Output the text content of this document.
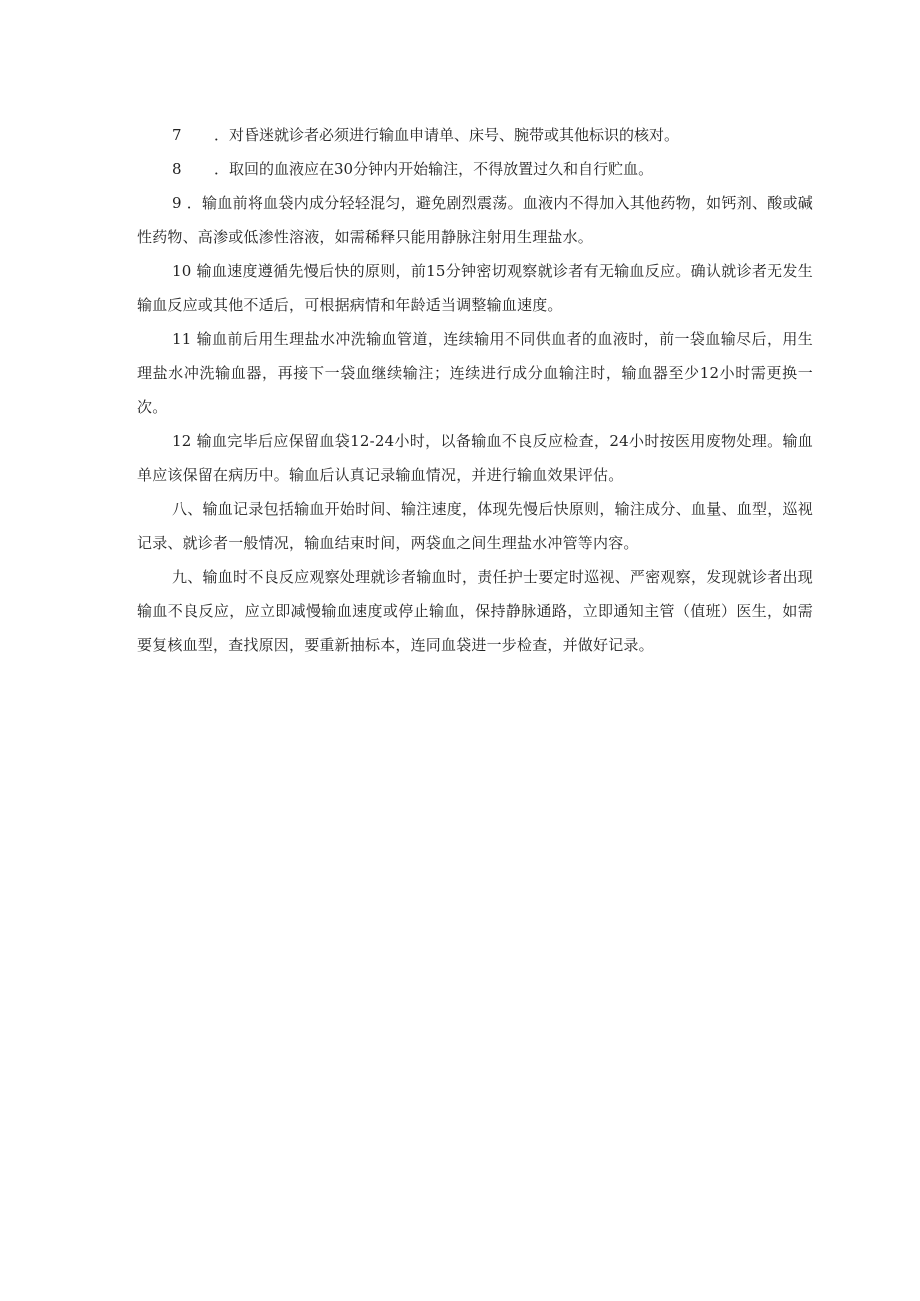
7 ．对昏迷就诊者必须进行输血申请单、床号、腕带或其他标识的核对。

8 ．取回的血液应在30分钟内开始输注，不得放置过久和自行贮血。

9 ．输血前将血袋内成分轻轻混匀，避免剧烈震荡。血液内不得加入其他药物，如钙剂、酸或碱性药物、高渗或低渗性溶液，如需稀释只能用静脉注射用生理盐水。

10 输血速度遵循先慢后快的原则，前15分钟密切观察就诊者有无输血反应。确认就诊者无发生输血反应或其他不适后，可根据病情和年龄适当调整输血速度。

11 输血前后用生理盐水冲洗输血管道，连续输用不同供血者的血液时，前一袋血输尽后，用生理盐水冲洗输血器，再接下一袋血继续输注；连续进行成分血输注时，输血器至少12小时需更换一次。

12 输血完毕后应保留血袋12-24小时，以备输血不良反应检查，24小时按医用废物处理。输血单应该保留在病历中。输血后认真记录输血情况，并进行输血效果评估。

八、输血记录包括输血开始时间、输注速度，体现先慢后快原则，输注成分、血量、血型，巡视记录、就诊者一般情况，输血结束时间，两袋血之间生理盐水冲管等内容。

九、输血时不良反应观察处理就诊者输血时，责任护士要定时巡视、严密观察，发现就诊者出现输血不良反应，应立即减慢输血速度或停止输血，保持静脉通路，立即通知主管（值班）医生，如需要复核血型，查找原因，要重新抽标本，连同血袋进一步检查，并做好记录。
